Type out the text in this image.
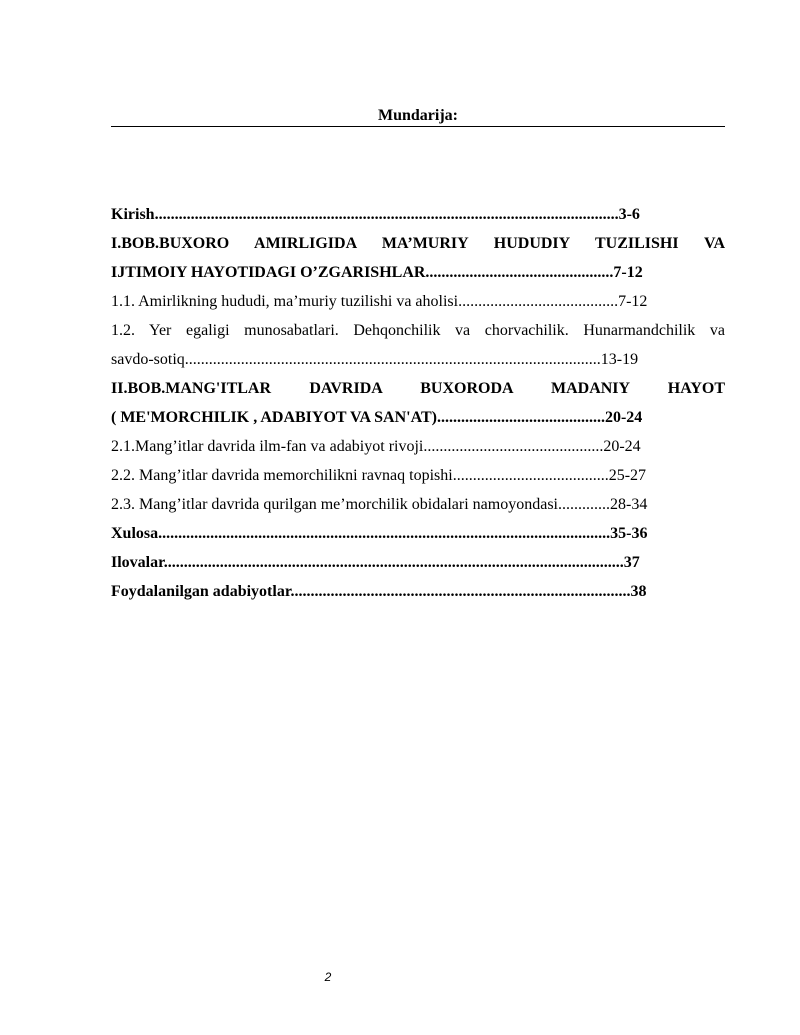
Mundarija:
Kirish....................................................................................................................3-6
I.BOB.BUXORO AMIRLIGIDA MA’MURIY HUDUDIY TUZILISHI VA
IJTIMOIY HAYOTIDAGI O’ZGARISHLAR...............................................7-12
1.1. Amirlikning hududi, ma’muriy tuzilishi va aholisi........................................7-12
1.2. Yer egaligi munosabatlari. Dehqonchilik va chorvachilik. Hunarmandchilik va
savdo-sotiq........................................................................................................13-19
II.BOB.MANG'ITLAR DAVRIDA BUXORODA MADANIY HAYOT
( ME'MORCHILIK , ADABIYOT VA SAN'AT)..........................................20-24
2.1.Mang’itlar davrida ilm-fan va adabiyot rivoji.............................................20-24
2.2. Mang’itlar davrida memorchilikni ravnaq topishi.......................................25-27
2.3. Mang’itlar davrida qurilgan me’morchilik obidalari namoyondasi.............28-34
Xulosa.................................................................................................................35-36
Ilovalar...................................................................................................................37
Foydalanilgan adabiyotlar.....................................................................................38
2
